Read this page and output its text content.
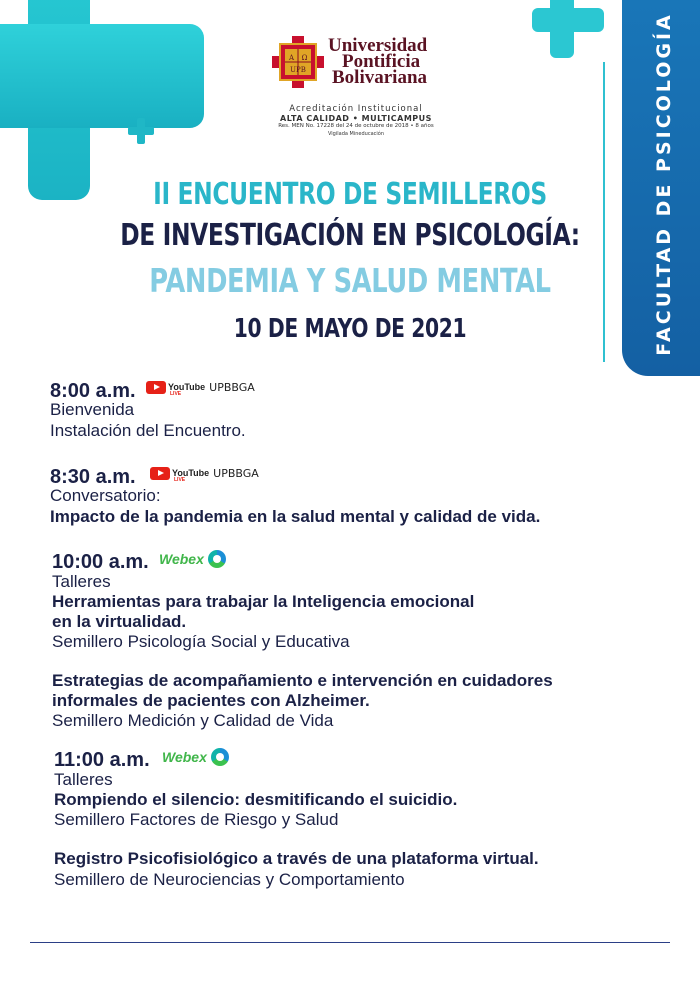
FACULTAD DE PSICOLOGÍA
A Ω
UPB
Universidad
Pontificia
Bolivariana
Acreditación Institucional
ALTA CALIDAD • MULTICAMPUS
Res. MEN No. 17228 del 24 de octubre de 2018 • 8 años
Vigilada Mineducación
II ENCUENTRO DE SEMILLEROS
DE INVESTIGACIÓN EN PSICOLOGÍA:
PANDEMIA Y SALUD MENTAL
10 DE MAYO DE 2021
8:00 a.m.	YouTube
LIVE
UPBBGA
Bienvenida
Instalación del Encuentro.
8:30 a.m.	YouTube
LIVE
UPBBGA
Conversatorio:
Impacto de la pandemia en la salud mental y calidad de vida.
10:00 a.m. Webex
Talleres
Herramientas para trabajar la Inteligencia emocional
en la virtualidad.
Semillero Psicología Social y Educativa
Estrategias de acompañamiento e intervención en cuidadores
informales de pacientes con Alzheimer.
Semillero Medición y Calidad de Vida
11:00 a.m. Webex
Talleres
Rompiendo el silencio: desmitificando el suicidio.
Semillero Factores de Riesgo y Salud
Registro Psicofisiológico a través de una plataforma virtual.
Semillero de Neurociencias y Comportamiento
